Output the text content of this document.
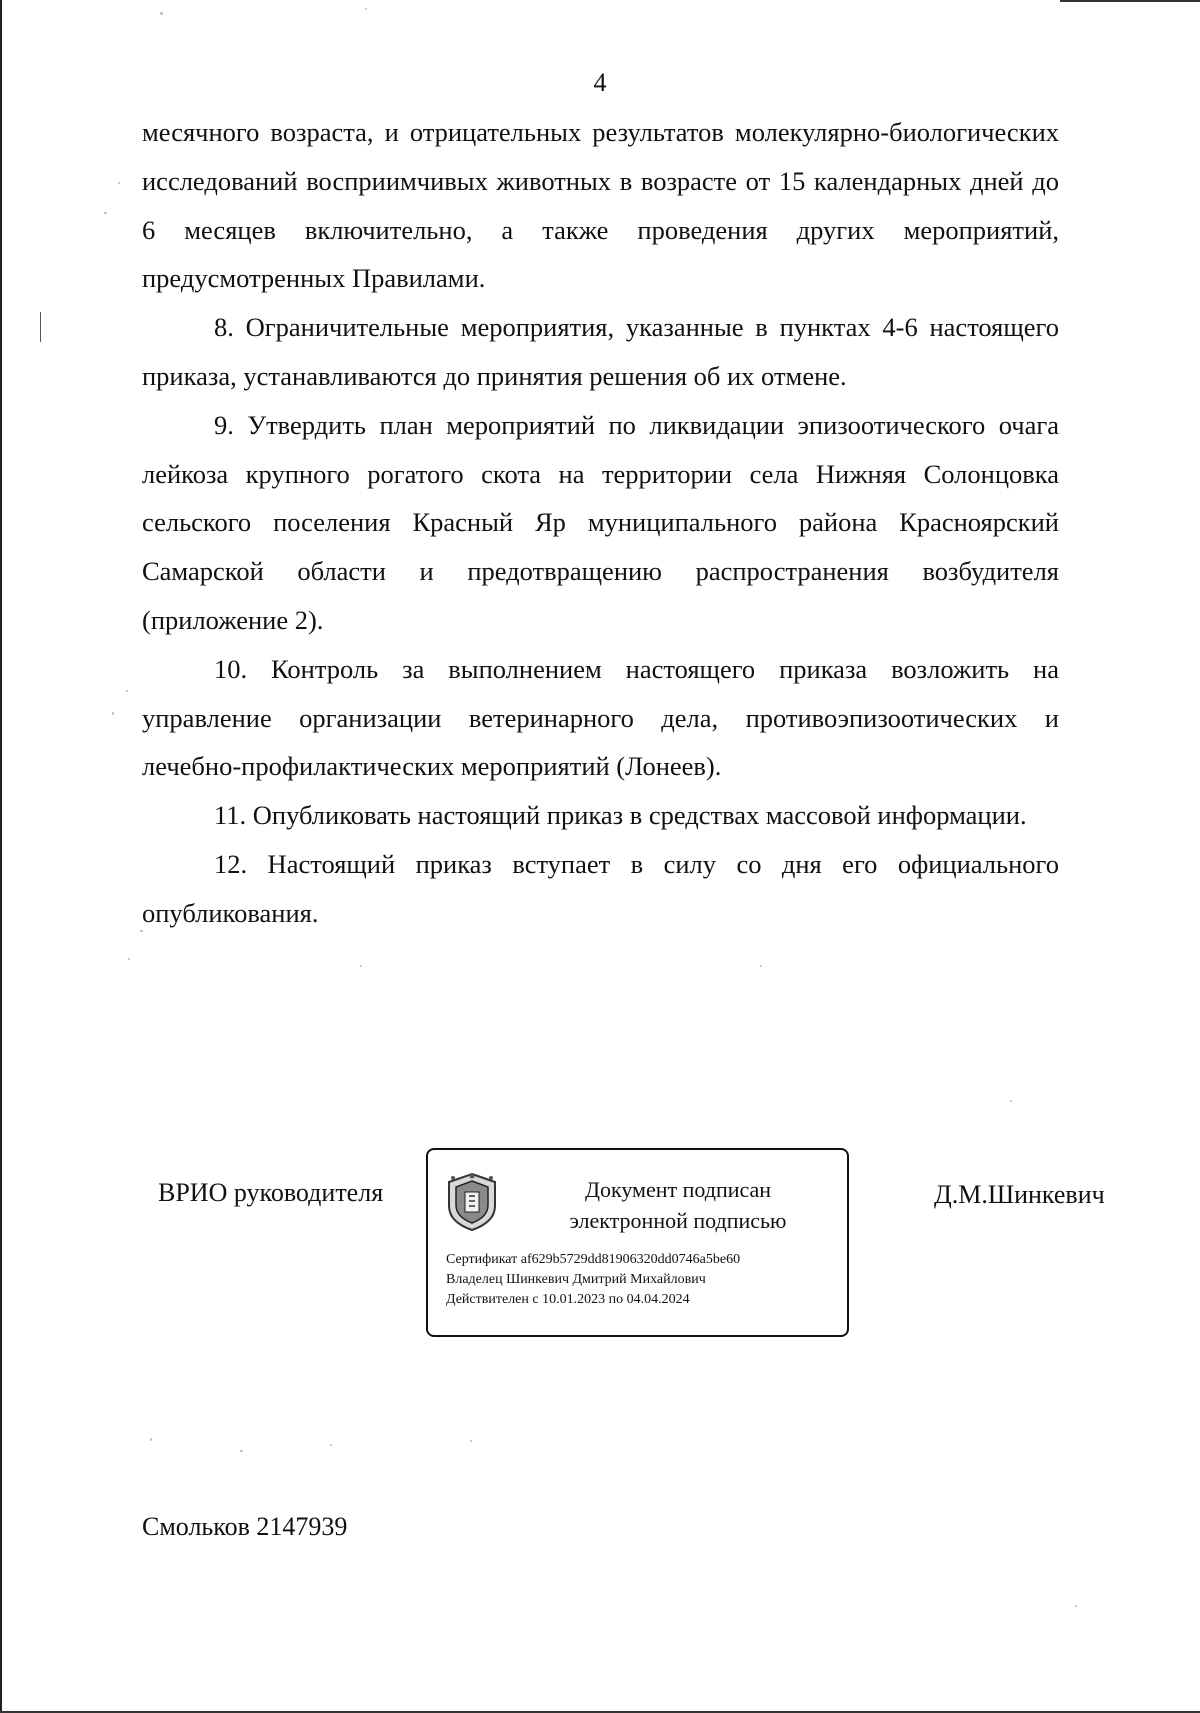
4

месячного возраста, и отрицательных результатов молекулярно-биологических исследований восприимчивых животных в возрасте от 15 календарных дней до 6 месяцев включительно, а также проведения других мероприятий, предусмотренных Правилами.

8. Ограничительные мероприятия, указанные в пунктах 4-6 настоящего приказа, устанавливаются до принятия решения об их отмене.

9. Утвердить план мероприятий по ликвидации эпизоотического очага лейкоза крупного рогатого скота на территории села Нижняя Солонцовка сельского поселения Красный Яр муниципального района Красноярский Самарской области и предотвращению распространения возбудителя (приложение 2).

10. Контроль за выполнением настоящего приказа возложить на управление организации ветеринарного дела, противоэпизоотических и лечебно-профилактических мероприятий (Лонеев).

11. Опубликовать настоящий приказ в средствах массовой информации.

12. Настоящий приказ вступает в силу со дня его официального опубликования.

ВРИО руководителя	Документ подписан
электронной подписью
Сертификат af629b5729dd81906320dd0746a5be60
Владелец Шинкевич Дмитрий Михайлович
Действителен с 10.01.2023 по 04.04.2024
Д.М.Шинкевич
Смольков 2147939
